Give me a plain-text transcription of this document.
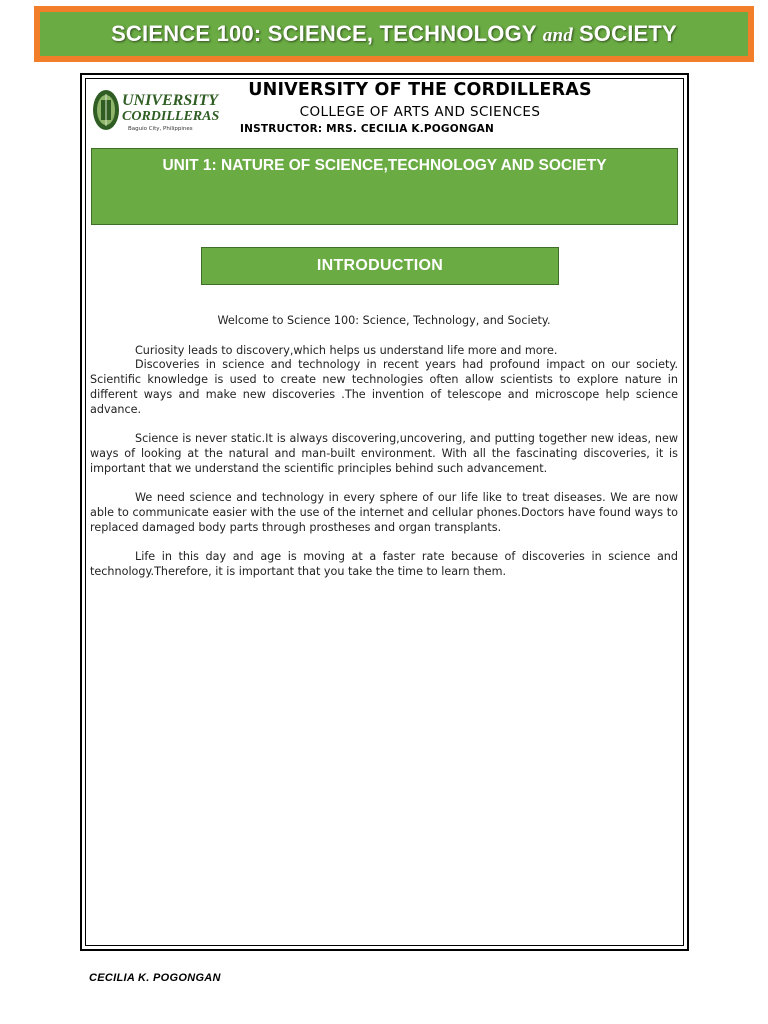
SCIENCE 100: SCIENCE, TECHNOLOGY and SOCIETY
UNIVERSITY
CORDILLERAS
Baguio City, Philippines
UNIVERSITY OF THE CORDILLERAS
COLLEGE OF ARTS AND SCIENCES
INSTRUCTOR: MRS. CECILIA K.POGONGAN
UNIT 1: NATURE OF SCIENCE,TECHNOLOGY AND SOCIETY
INTRODUCTION

Welcome to Science 100: Science, Technology, and Society.

Curiosity leads to discovery,which helps us understand life more and more.
Discoveries in science and technology in recent years had profound impact on our society. Scientific knowledge is used to create new technologies often allow scientists to explore nature in different ways and make new discoveries .The invention of telescope and microscope help science advance.

Science is never static.It is always discovering,uncovering, and putting together new ideas, new ways of looking at the natural and man-built environment. With all the fascinating discoveries, it is important that we understand the scientific principles behind such advancement.

We need science and technology in every sphere of our life like to treat diseases. We are now able to communicate easier with the use of the internet and cellular phones.Doctors have found ways to replaced damaged body parts through prostheses and organ transplants.

Life in this day and age is moving at a faster rate because of discoveries in science and technology.Therefore, it is important that you take the time to learn them.

CECILIA K. POGONGAN
